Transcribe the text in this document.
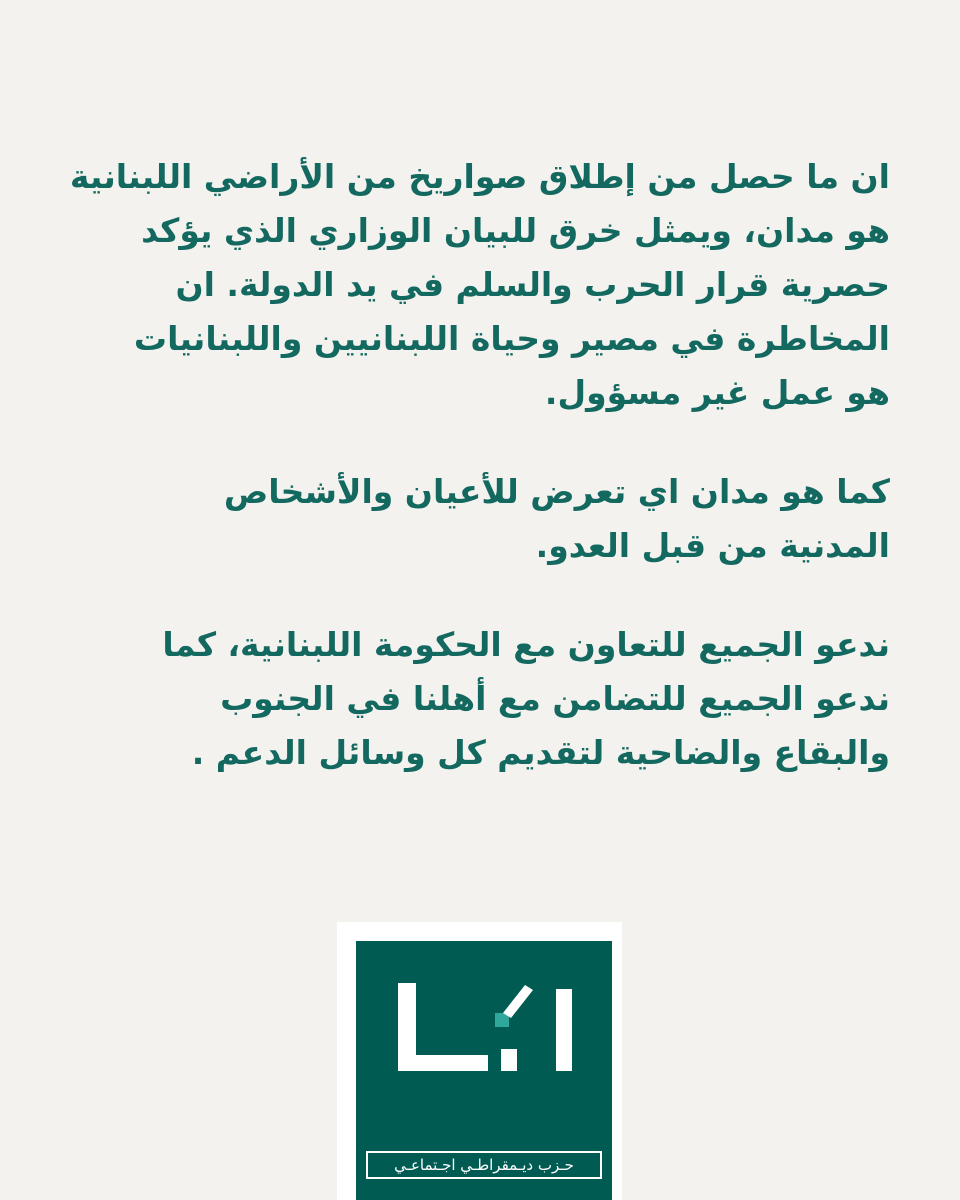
ان ما حصل من إطلاق صواريخ من الأراضي اللبنانية
هو مدان، ويمثل خرق للبيان الوزاري الذي يؤكد
حصرية قرار الحرب والسلم في يد الدولة. ان
المخاطرة في مصير وحياة اللبنانيين واللبنانيات
هو عمل غير مسؤول.
كما هو مدان اي تعرض للأعيان والأشخاص
المدنية من قبل العدو.
ندعو الجميع للتعاون مع الحكومة اللبنانية، كما
ندعو الجميع للتضامن مع أهلنا في الجنوب
والبقاع والضاحية لتقديم كل وسائل الدعم .
حـزب ديـمقراطـي اجـتماعـي
